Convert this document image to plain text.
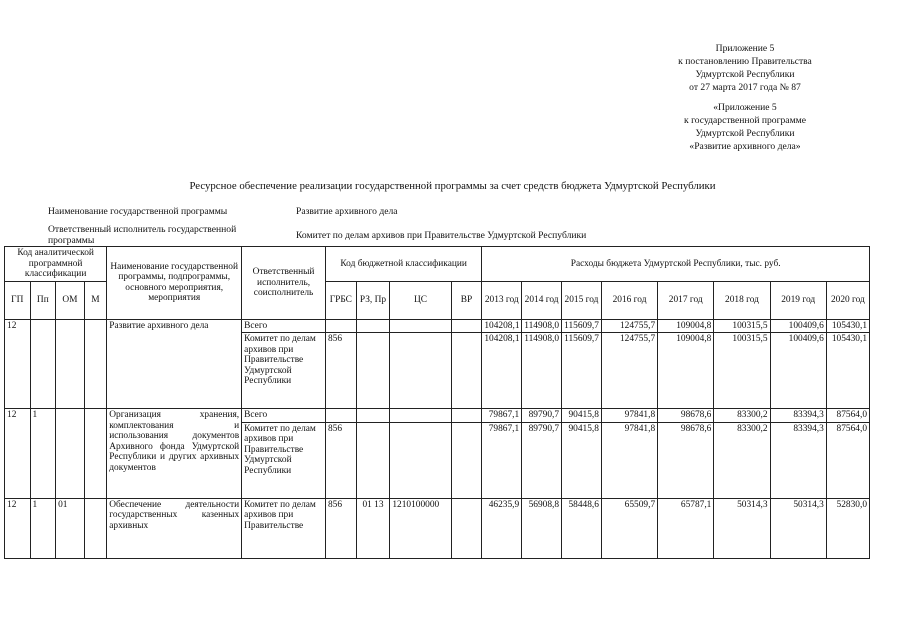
Приложение 5
к постановлению Правительства
Удмуртской Республики
от 27 марта 2017 года № 87
«Приложение 5
к государственной программе
Удмуртской Республики
«Развитие архивного дела»
Ресурсное обеспечение реализации государственной программы за счет средств бюджета Удмуртской Республики
Наименование государственной программы	Развитие архивного дела
Ответственный исполнитель государственной программы	Комитет по делам архивов при Правительстве Удмуртской Республики
Код аналитической программной классификации				Наименование государственной программы, подпрограммы, основного мероприятия, мероприятия	Ответственный исполнитель, соисполнитель	Код бюджетной классификации				Расходы бюджета Удмуртской Республики, тыс. руб.							
ГП	Пп	ОМ	М			ГРБС	РЗ, Пр	ЦС	ВР	2013 год	2014 год	2015 год	2016 год	2017 год	2018 год	2019 год	2020 год
12				Развитие архивного дела	Всего					104208,1	114908,0	115609,7	124755,7	109004,8	100315,5	100409,6	105430,1
					Комитет по делам архивов при Правительстве Удмуртской Республики	856				104208,1	114908,0	115609,7	124755,7	109004,8	100315,5	100409,6	105430,1
12	1			Организация хранения, комплектования и использования документов Архивного фонда Удмуртской Республики и других архивных документов	Всего					79867,1	89790,7	90415,8	97841,8	98678,6	83300,2	83394,3	87564,0
					Комитет по делам архивов при Правительстве Удмуртской Республики	856				79867,1	89790,7	90415,8	97841,8	98678,6	83300,2	83394,3	87564,0
12	1	01		Обеспечение деятельности государственных казенных архивных	Комитет по делам архивов при Правительстве	856	01 13	1210100000		46235,9	56908,8	58448,6	65509,7	65787,1	50314,3	50314,3	52830,0
